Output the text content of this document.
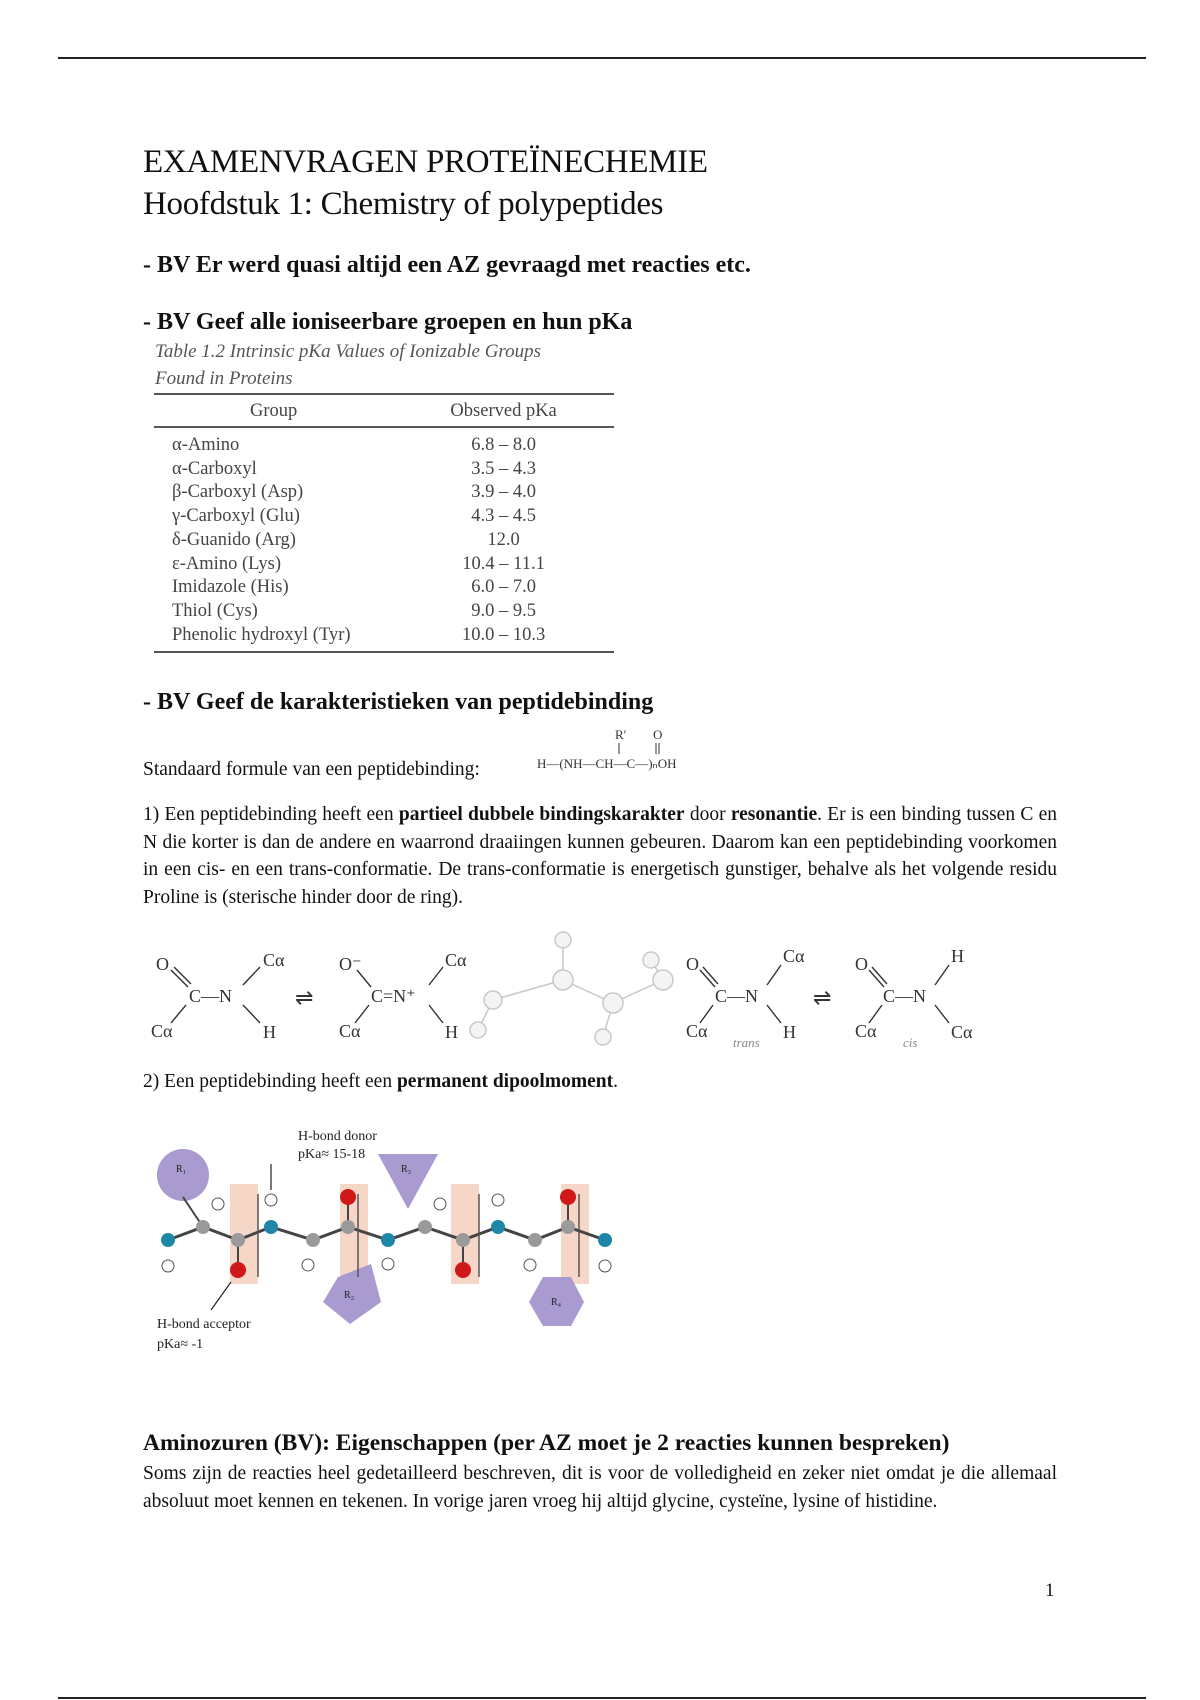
EXAMENVRAGEN PROTEÏNECHEMIE
Hoofdstuk 1: Chemistry of polypeptides
- BV Er werd quasi altijd een AZ gevraagd met reacties etc.
- BV Geef alle ioniseerbare groepen en hun pKa
Table 1.2 Intrinsic pKa Values of Ionizable Groups
Found in Proteins
Group	Observed pKa
α-Amino	6.8 – 8.0
α-Carboxyl	3.5 – 4.3
β-Carboxyl (Asp)	3.9 – 4.0
γ-Carboxyl (Glu)	4.3 – 4.5
δ-Guanido (Arg)	12.0
ε-Amino (Lys)	10.4 – 11.1
Imidazole (His)	6.0 – 7.0
Thiol (Cys)	9.0 – 9.5
Phenolic hydroxyl (Tyr)	10.0 – 10.3
- BV Geef de karakteristieken van peptidebinding
Standaard formule van een peptidebinding:
R′ O
H—(NH—CH—C—)ₙOH
1) Een peptidebinding heeft een partieel dubbele bindingskarakter door resonantie. Er is een binding tussen C en N die korter is dan de andere en waarrond draaiingen kunnen gebeuren. Daarom kan een peptidebinding voorkomen in een cis- en een trans-conformatie. De trans-conformatie is energetisch gunstiger, behalve als het volgende residu Proline is (sterische hinder door de ring).
O
C—N
Cα
Cα	H
⇌
O⁻
C=N⁺
Cα
Cα	H
O
C—N
Cα
Cα	H
⇌
O
C—N
H
Cα	Cα
trans	cis
2) Een peptidebinding heeft een permanent dipoolmoment.
R₁	R₃
R₂
R₄
H-bond donor
pKa≈ 15-18
H-bond acceptor
pKa≈ -1
Aminozuren (BV): Eigenschappen (per AZ moet je 2 reacties kunnen bespreken)
Soms zijn de reacties heel gedetailleerd beschreven, dit is voor de volledigheid en zeker niet omdat je die allemaal absoluut moet kennen en tekenen. In vorige jaren vroeg hij altijd glycine, cysteïne, lysine of histidine.
1
